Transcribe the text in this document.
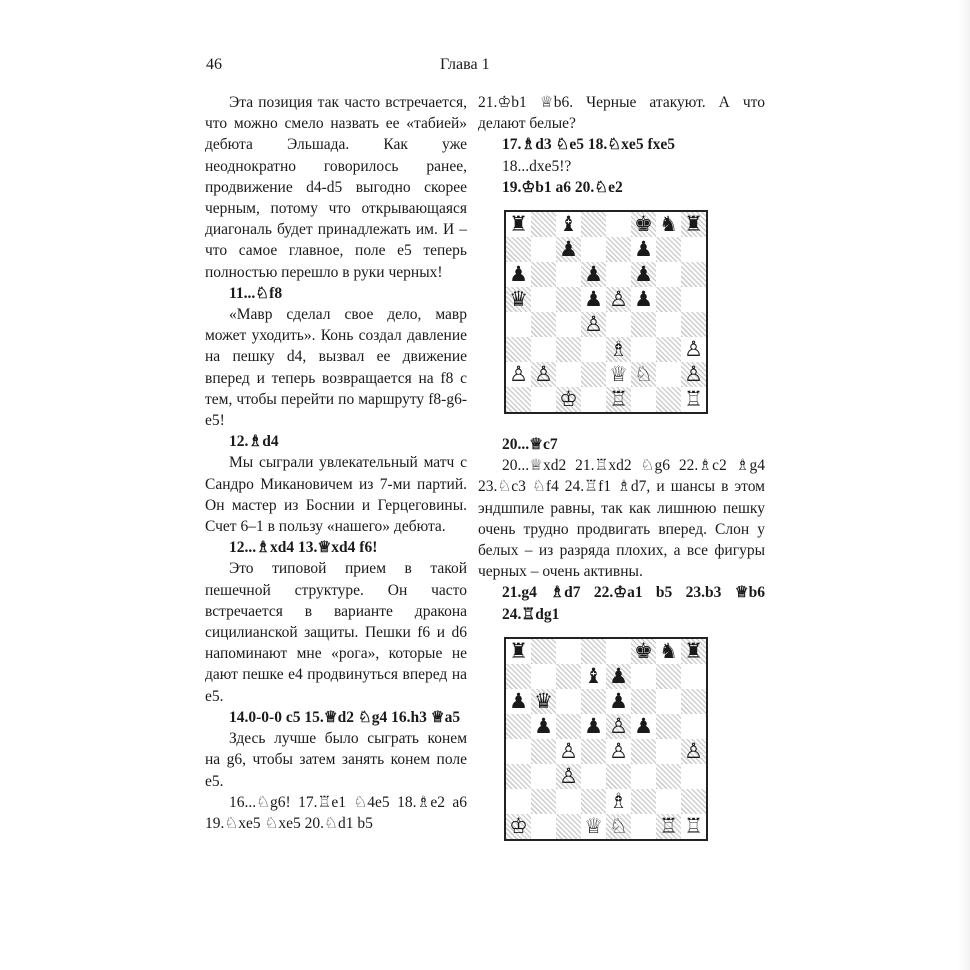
46	Глава 1

Эта позиция так часто встречается, что можно смело назвать ее «табией» дебюта Эльшада. Как уже неоднократно говорилось ранее, продвижение d4-d5 выгодно скорее черным, потому что открывающаяся диагональ будет принадлежать им. И – что самое главное, поле e5 теперь полностью перешло в руки черных!

11...♘f8

«Мавр сделал свое дело, мавр может уходить». Конь создал давление на пешку d4, вызвал ее движение вперед и теперь возвращается на f8 с тем, чтобы перейти по маршруту f8-g6-e5!

12.♗d4

Мы сыграли увлекательный матч с Сандро Микановичем из 7-ми партий. Он мастер из Боснии и Герцеговины. Счет 6–1 в пользу «нашего» дебюта.

12...♗xd4 13.♕xd4 f6!

Это типовой прием в такой пешечной структуре. Он часто встречается в варианте дракона сицилианской защиты. Пешки f6 и d6 напоминают мне «рога», которые не дают пешке e4 продвинуться вперед на e5.

14.0-0-0 c5 15.♕d2 ♘g4 16.h3 ♕a5

Здесь лучше было сыграть конем на g6, чтобы затем занять конем поле e5.

16...♘g6! 17.♖e1 ♘4e5 18.♗e2 a6 19.♘xe5 ♘xe5 20.♘d1 b5

21.♔b1 ♕b6. Черные атакуют. А что делают белые?

17.♗d3 ♘e5 18.♘xe5 fxe5

18...dxe5!?

19.♔b1 a6 20.♘e2

♜ ♝	♚ ♞ ♜
♟	♟
♟	♟ ♟
♛	♟ ♙ ♟
♙
♗	♙
♙ ♙	♕ ♘ ♙
♔ ♖	♖

20...♕c7

20...♕xd2 21.♖xd2 ♘g6 22.♗c2 ♗g4 23.♘c3 ♘f4 24.♖f1 ♗d7, и шансы в этом эндшпиле равны, так как лишнюю пешку очень трудно продвигать вперед. Слон у белых – из разряда плохих, а все фигуры черных – очень активны.

21.g4 ♗d7 22.♔a1 b5 23.b3 ♕b6 24.♖dg1

♜	♚ ♞ ♜
♝ ♟
♟ ♛	♟
♟ ♟ ♙ ♟
♙ ♙	♙
♙
♗
♔	♕ ♘ ♖ ♖
